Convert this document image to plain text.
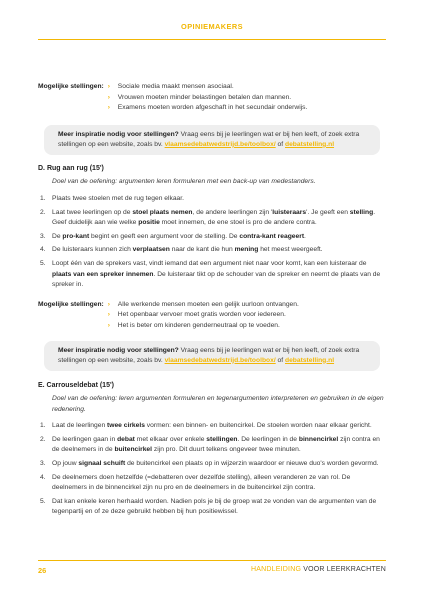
OPINIEMAKERS
Mogelijke stellingen: ›	Sociale media maakt mensen asociaal.
›	Vrouwen moeten minder belastingen betalen dan mannen.
›	Examens moeten worden afgeschaft in het secundair onderwijs.
Meer inspiratie nodig voor stellingen? Vraag eens bij je leerlingen wat er bij hen leeft, of zoek extra stellingen op een website, zoals bv. vlaamsedebatwedstrijd.be/toolbox/ of debatstelling.nl
D. Rug aan rug (15')
Doel van de oefening: argumenten leren formuleren met een back-up van medestanders.
1. Plaats twee stoelen met de rug tegen elkaar.
2. Laat twee leerlingen op de stoel plaats nemen, de andere leerlingen zijn 'luisteraars'. Je geeft een stelling. Geef duidelijk aan wie welke positie moet innemen, de ene stoel is pro de andere contra.
3. De pro-kant begint en geeft een argument voor de stelling. De contra-kant reageert.
4. De luisteraars kunnen zich verplaatsen naar de kant die hun mening het meest weergeeft.
5. Loopt één van de sprekers vast, vindt iemand dat een argument niet naar voor komt, kan een luisteraar de plaats van een spreker innemen. De luisteraar tikt op de schouder van de spreker en neemt de plaats van de spreker in.
Mogelijke stellingen: ›	Alle werkende mensen moeten een gelijk uurloon ontvangen.
›	Het openbaar vervoer moet gratis worden voor iedereen.
›	Het is beter om kinderen genderneutraal op te voeden.
Meer inspiratie nodig voor stellingen? Vraag eens bij je leerlingen wat er bij hen leeft, of zoek extra stellingen op een website, zoals bv. vlaamsedebatwedstrijd.be/toolbox/ of debatstelling.nl
E. Carrouseldebat (15')
Doel van de oefening: leren argumenten formuleren en tegenargumenten interpreteren en gebruiken in de eigen redenering.
1. Laat de leerlingen twee cirkels vormen: een binnen- en buitencirkel. De stoelen worden naar elkaar gericht.
2. De leerlingen gaan in debat met elkaar over enkele stellingen. De leerlingen in de binnencirkel zijn contra en de deelnemers in de buitencirkel zijn pro. Dit duurt telkens ongeveer twee minuten.
3. Op jouw signaal schuift de buitencirkel een plaats op in wijzerzin waardoor er nieuwe duo's worden gevormd.
4. De deelnemers doen hetzelfde (=debatteren over dezelfde stelling), alleen veranderen ze van rol. De deelnemers in de binnencirkel zijn nu pro en de deelnemers in de buitencirkel zijn contra.
5. Dat kan enkele keren herhaald worden. Nadien pols je bij de groep wat ze vonden van de argumenten van de tegenpartij en of ze deze gebruikt hebben bij hun positiewissel.
26	HANDLEIDING VOOR LEERKRACHTEN
